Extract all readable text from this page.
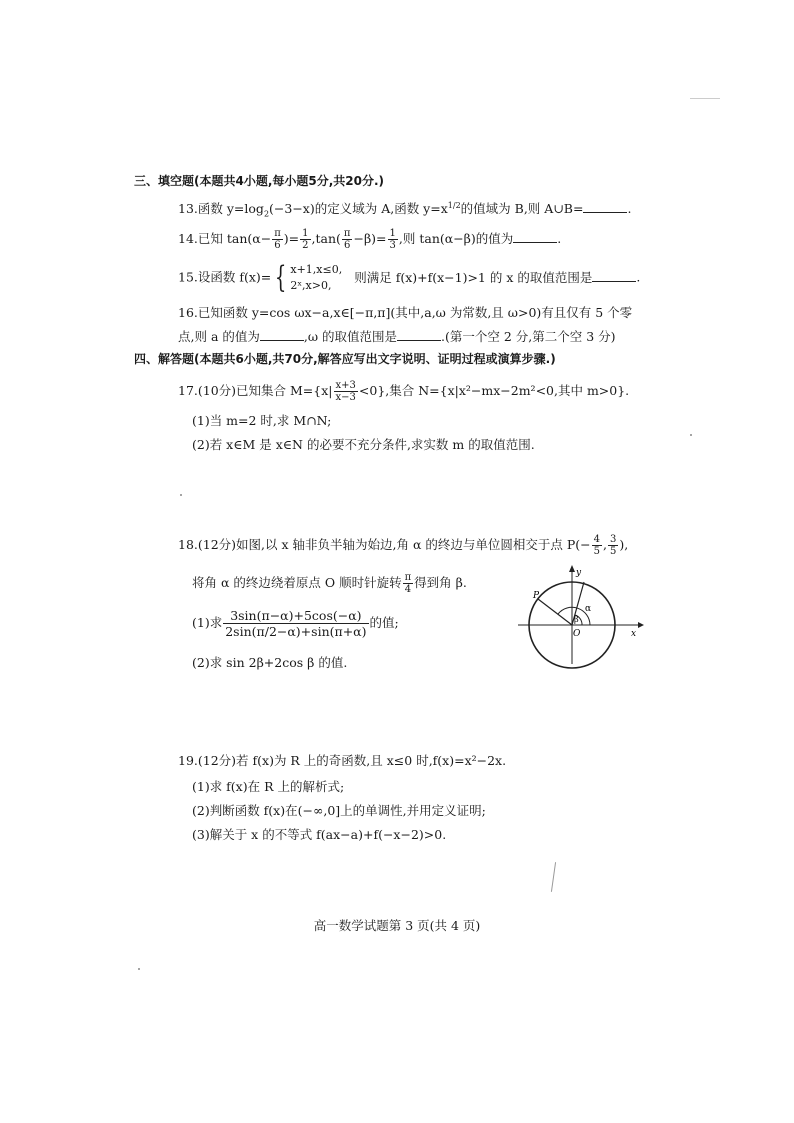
三、填空题(本题共4小题,每小题5分,共20分.)
13.函数 $y=\log_2(-3-x)$的定义域为 A,函数 $y=x^{1/2}$的值域为 B,则 A∪B=	.
14.已知 $\tan(\alpha- \frac{\pi}{6}$ )= $\frac{1}{2} ,\tan( \frac{\pi}{6} -\beta)= \frac{1}{3}$ ,则 tan(α−β)的值为	.
15.设函数 f(x)= { x+1,x≤0,
2ˣ,x>0,
则满足 f(x)+f(x−1)>1 的 x 的取值范围是	.
16.已知函数 y=cos ωx−a,x∈[−π,π](其中,a,ω 为常数,且 ω>0)有且仅有 5 个零
点,则 a 的值为	,ω 的取值范围是	.(第一个空 2 分,第二个空 3 分)
四、解答题(本题共6小题,共70分,解答应写出文字说明、证明过程或演算步骤.)
17.(10分)已知集合 $M=\{x| \frac{x+3}{x-3} <0\}$,集合 N={x|x²−mx−2m²<0,其中 m>0}.
(1)当 m=2 时,求 M∩N;
(2)若 x∈M 是 x∈N 的必要不充分条件,求实数 m 的取值范围.
18.(12分)如图,以 x 轴非负半轴为始边,角 α 的终边与单位圆相交于点 $P(- \frac{4}{5}$ , $\frac{3}{5}$ ),
将角 α 的终边绕着原点 O 顺时针旋转 $\frac{\pi}{4}$ 得到角 β.
(1)求 $\frac{3\sin(\pi-\alpha)+5\cos(-\alpha)}{2\sin(\pi/2-\alpha)+\sin(\pi+\alpha)}$ 的值;
(2)求 sin 2β+2cos β 的值.
P
y
x
O
α
β
19.(12分)若 f(x)为 R 上的奇函数,且 x≤0 时,f(x)=x²−2x.
(1)求 f(x)在 R 上的解析式;
(2)判断函数 f(x)在(−∞,0]上的单调性,并用定义证明;
(3)解关于 x 的不等式 f(ax−a)+f(−x−2)>0.
高一数学试题第 3 页(共 4 页)
